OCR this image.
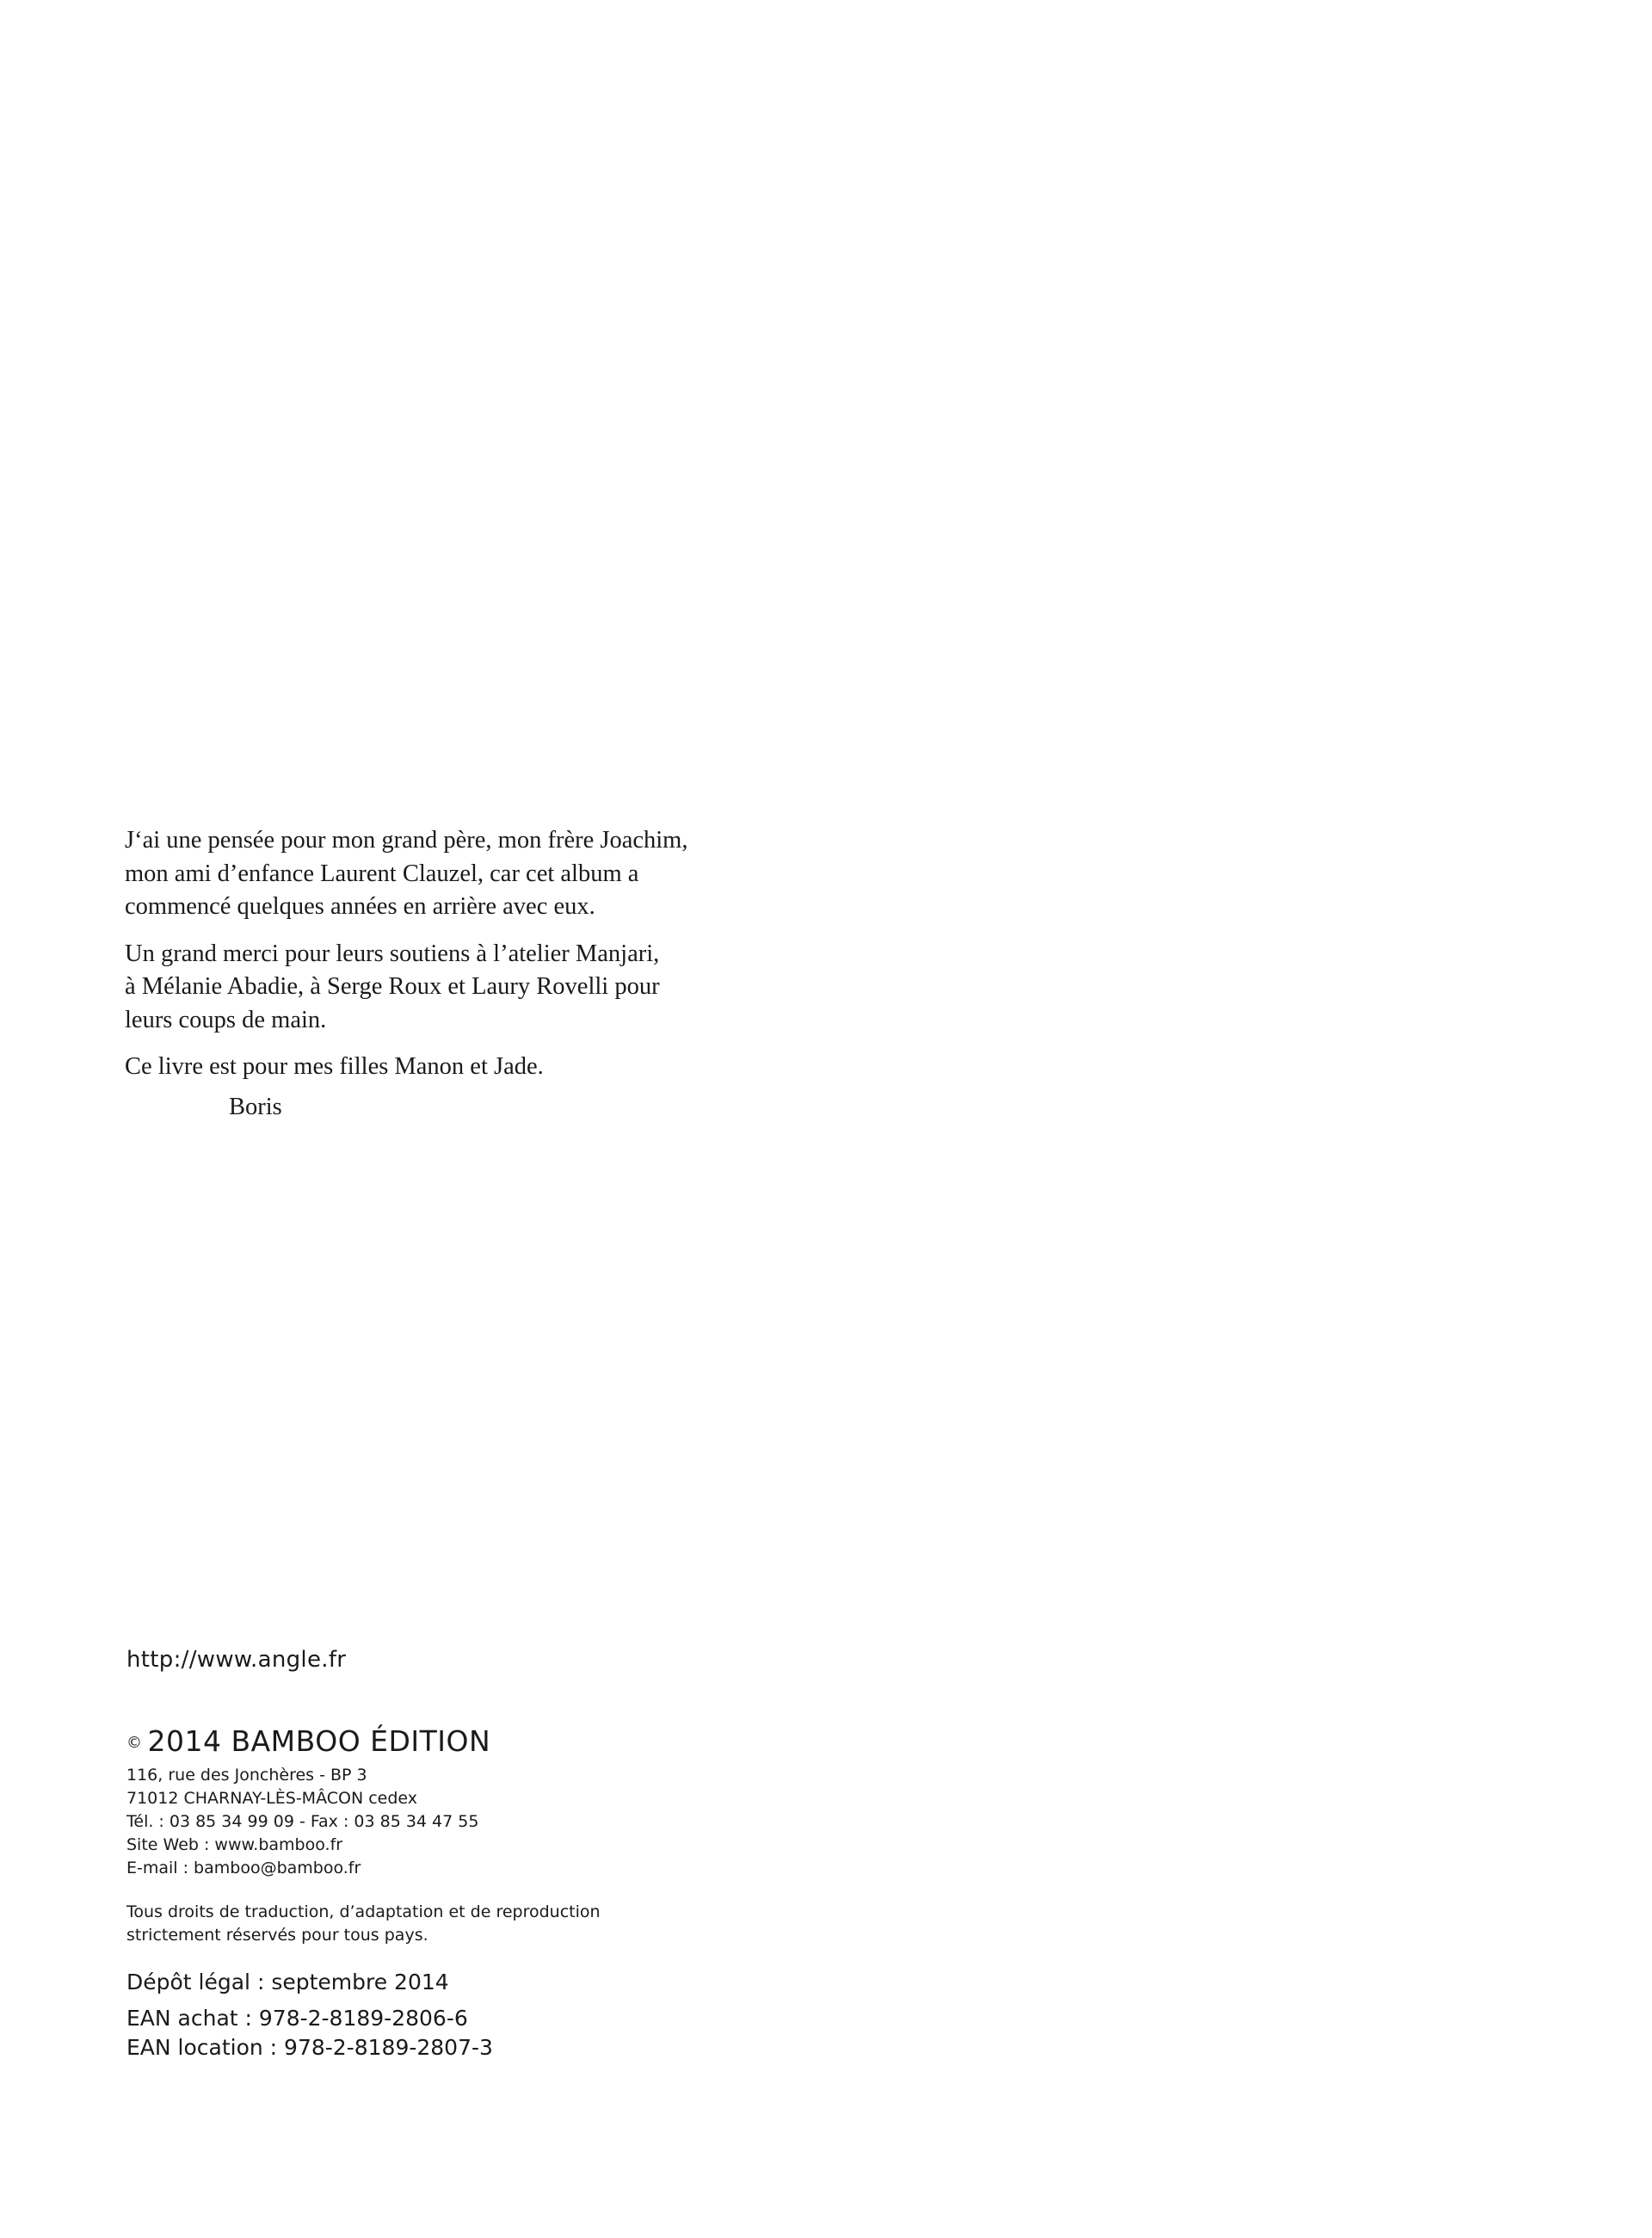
J‘ai une pensée pour mon grand père, mon frère Joachim,

mon ami d’enfance Laurent Clauzel, car cet album a

commencé quelques années en arrière avec eux.

Un grand merci pour leurs soutiens à l’atelier Manjari,

à Mélanie Abadie, à Serge Roux et Laury Rovelli pour

leurs coups de main.

Ce livre est pour mes filles Manon et Jade.

Boris

http://www.angle.fr
© 2014 BAMBOO ÉDITION
116, rue des Jonchères - BP 3
71012 CHARNAY-LÈS-MÂCON cedex
Tél. : 03 85 34 99 09 - Fax : 03 85 34 47 55
Site Web : www.bamboo.fr
E-mail : bamboo@bamboo.fr
Tous droits de traduction, d’adaptation et de reproduction
strictement réservés pour tous pays.
Dépôt légal : septembre 2014
EAN achat : 978-2-8189-2806-6
EAN location : 978-2-8189-2807-3
